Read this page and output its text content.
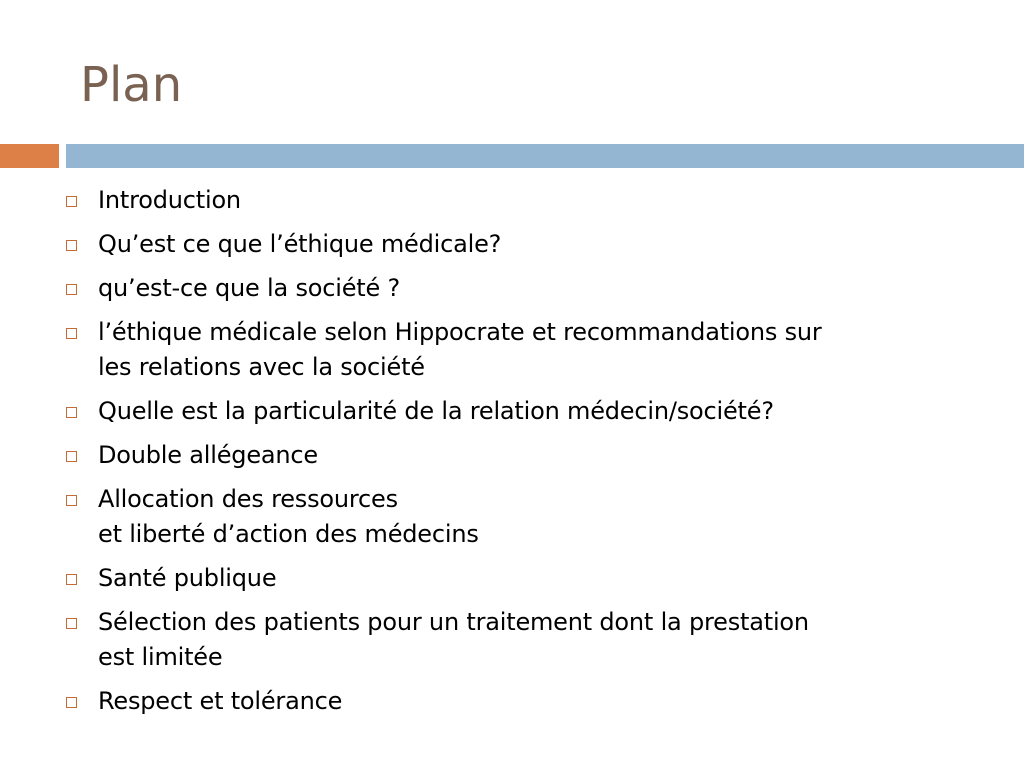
Plan
Introduction
Qu’est ce que l’éthique médicale?
qu’est-ce que la société ?
l’éthique médicale selon Hippocrate et recommandations sur
les relations avec la société
Quelle est la particularité de la relation médecin/société?
Double allégeance
Allocation des ressources
et liberté d’action des médecins
Santé publique
Sélection des patients pour un traitement dont la prestation
est limitée
Respect et tolérance
